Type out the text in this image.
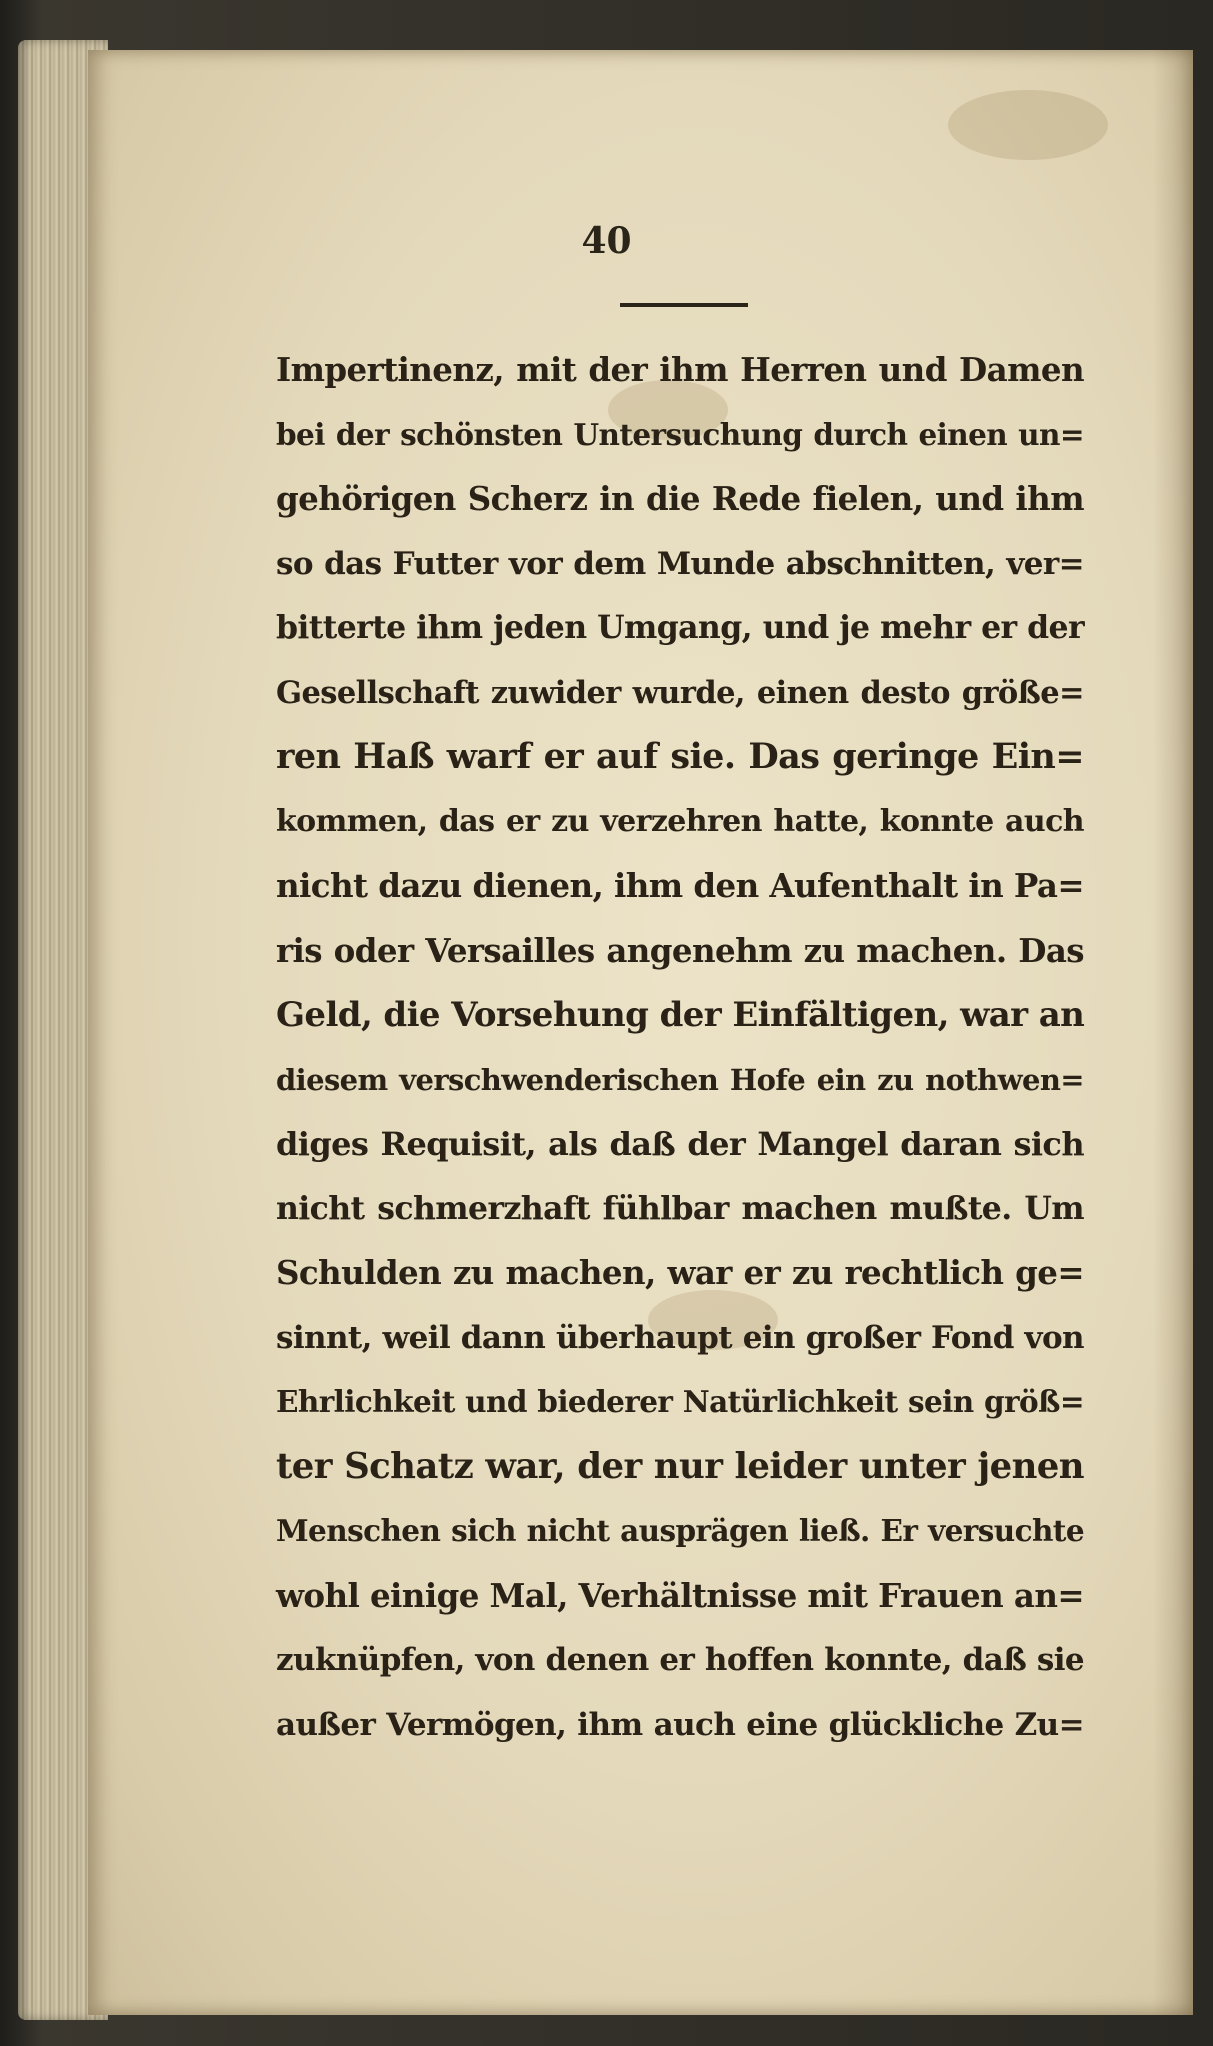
40
Impertinenz, mit der ihm Herren und Damen
bei der schönsten Untersuchung durch einen un=
gehörigen Scherz in die Rede fielen, und ihm
so das Futter vor dem Munde abschnitten, ver=
bitterte ihm jeden Umgang, und je mehr er der
Gesellschaft zuwider wurde, einen desto größe=
ren Haß warf er auf sie. Das geringe Ein=
kommen, das er zu verzehren hatte, konnte auch
nicht dazu dienen, ihm den Aufenthalt in Pa=
ris oder Versailles angenehm zu machen. Das
Geld, die Vorsehung der Einfältigen, war an
diesem verschwenderischen Hofe ein zu nothwen=
diges Requisit, als daß der Mangel daran sich
nicht schmerzhaft fühlbar machen mußte. Um
Schulden zu machen, war er zu rechtlich ge=
sinnt, weil dann überhaupt ein großer Fond von
Ehrlichkeit und biederer Natürlichkeit sein größ=
ter Schatz war, der nur leider unter jenen
Menschen sich nicht ausprägen ließ. Er versuchte
wohl einige Mal, Verhältnisse mit Frauen an=
zuknüpfen, von denen er hoffen konnte, daß sie
außer Vermögen, ihm auch eine glückliche Zu=
